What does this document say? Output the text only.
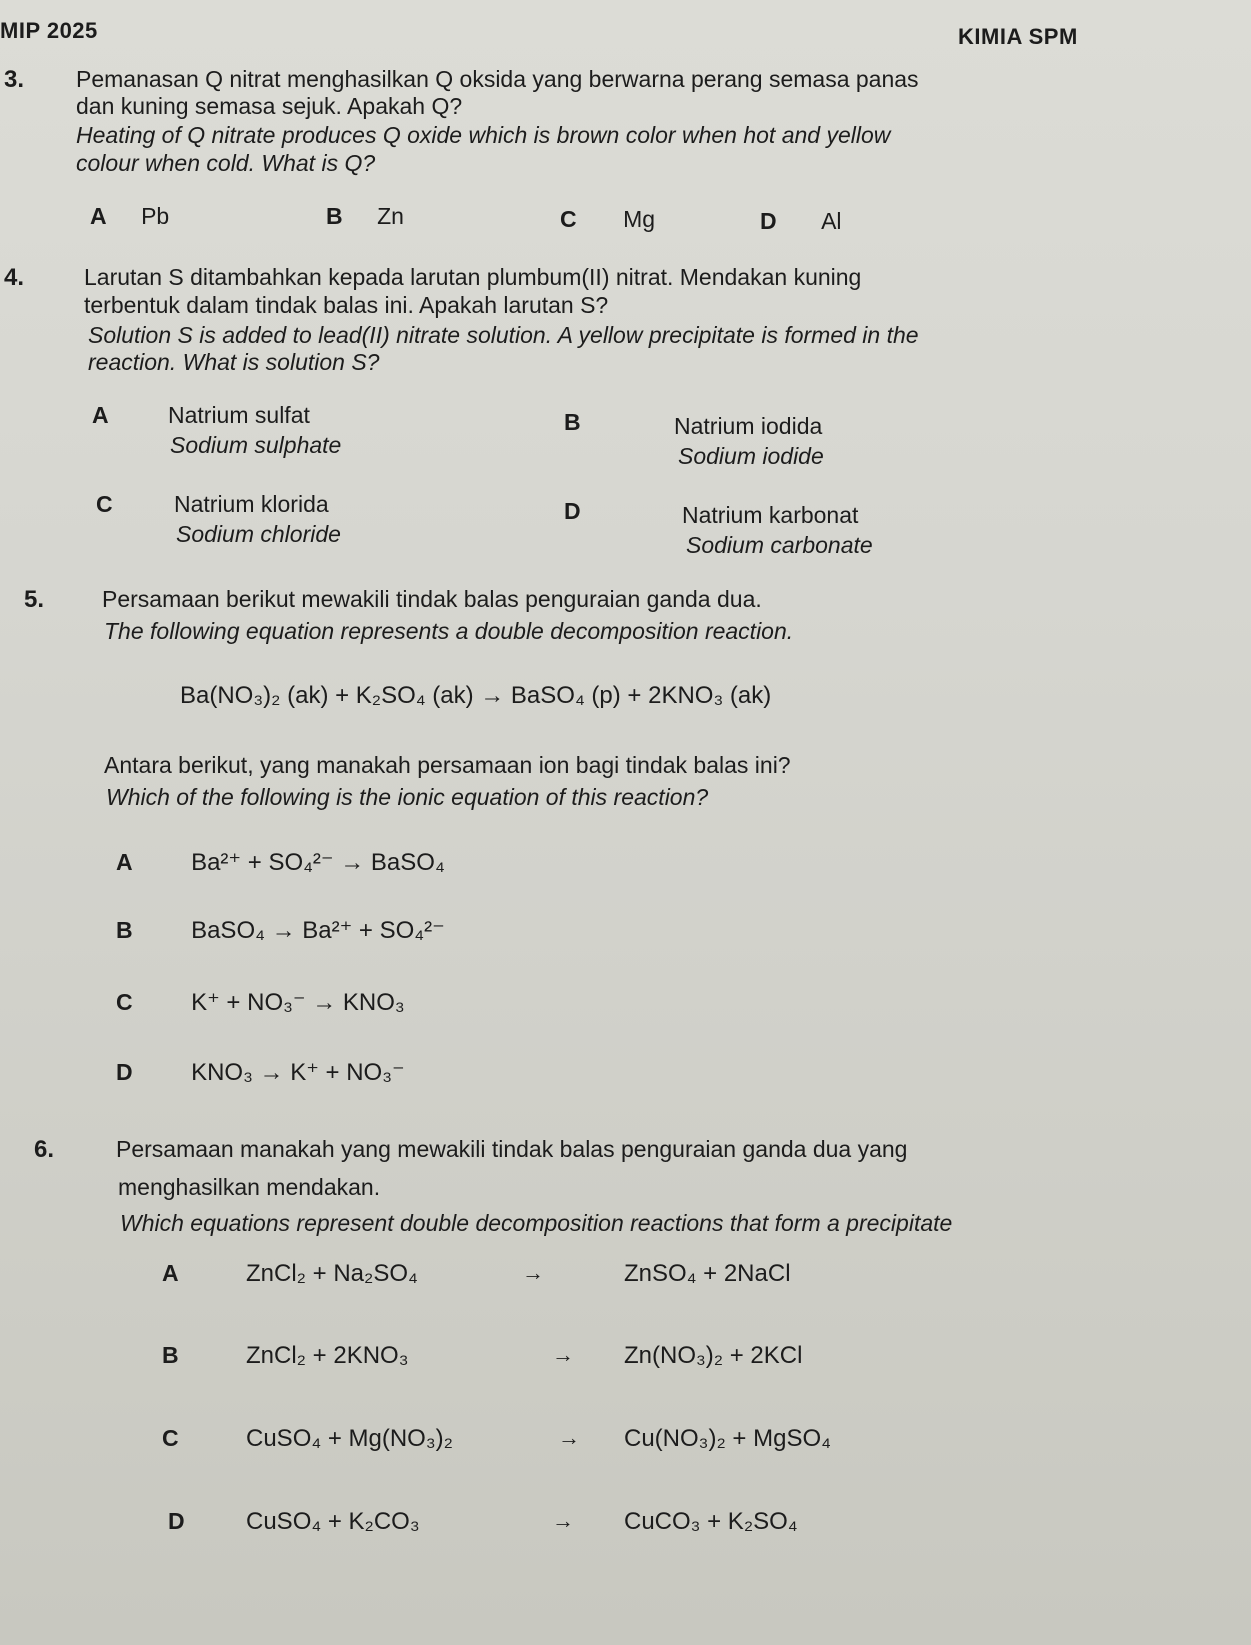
MIP 2025	KIMIA SPM
3. Pemanasan Q nitrat menghasilkan Q oksida yang berwarna perang semasa panas
dan kuning semasa sejuk. Apakah Q?
Heating of Q nitrate produces Q oxide which is brown color when hot and yellow
colour when cold. What is Q?
A Pb	B Zn	C Mg	D Al
4.	Larutan S ditambahkan kepada larutan plumbum(II) nitrat. Mendakan kuning
terbentuk dalam tindak balas ini. Apakah larutan S?
Solution S is added to lead(II) nitrate solution. A yellow precipitate is formed in the
reaction. What is solution S?
A	Natrium sulfat
Sodium sulphate
B	Natrium iodida
Sodium iodide
C	Natrium klorida
Sodium chloride
D	Natrium karbonat
Sodium carbonate
5.	Persamaan berikut mewakili tindak balas penguraian ganda dua.
The following equation represents a double decomposition reaction.
Ba(NO₃)₂ (ak) + K₂SO₄ (ak) → BaSO₄ (p) + 2KNO₃ (ak)
Antara berikut, yang manakah persamaan ion bagi tindak balas ini?
Which of the following is the ionic equation of this reaction?
A Ba²⁺ + SO₄²⁻ → BaSO₄
B BaSO₄ → Ba²⁺ + SO₄²⁻
C K⁺ + NO₃⁻ → KNO₃
D KNO₃ → K⁺ + NO₃⁻
6.	Persamaan manakah yang mewakili tindak balas penguraian ganda dua yang
menghasilkan mendakan.
Which equations represent double decomposition reactions that form a precipitate
A	ZnCl₂ + Na₂SO₄	→	ZnSO₄ + 2NaCl
B	ZnCl₂ + 2KNO₃	→ Zn(NO₃)₂ + 2KCl
C	CuSO₄ + Mg(NO₃)₂	→ Cu(NO₃)₂ + MgSO₄
D	CuSO₄ + K₂CO₃	→ CuCO₃ + K₂SO₄
